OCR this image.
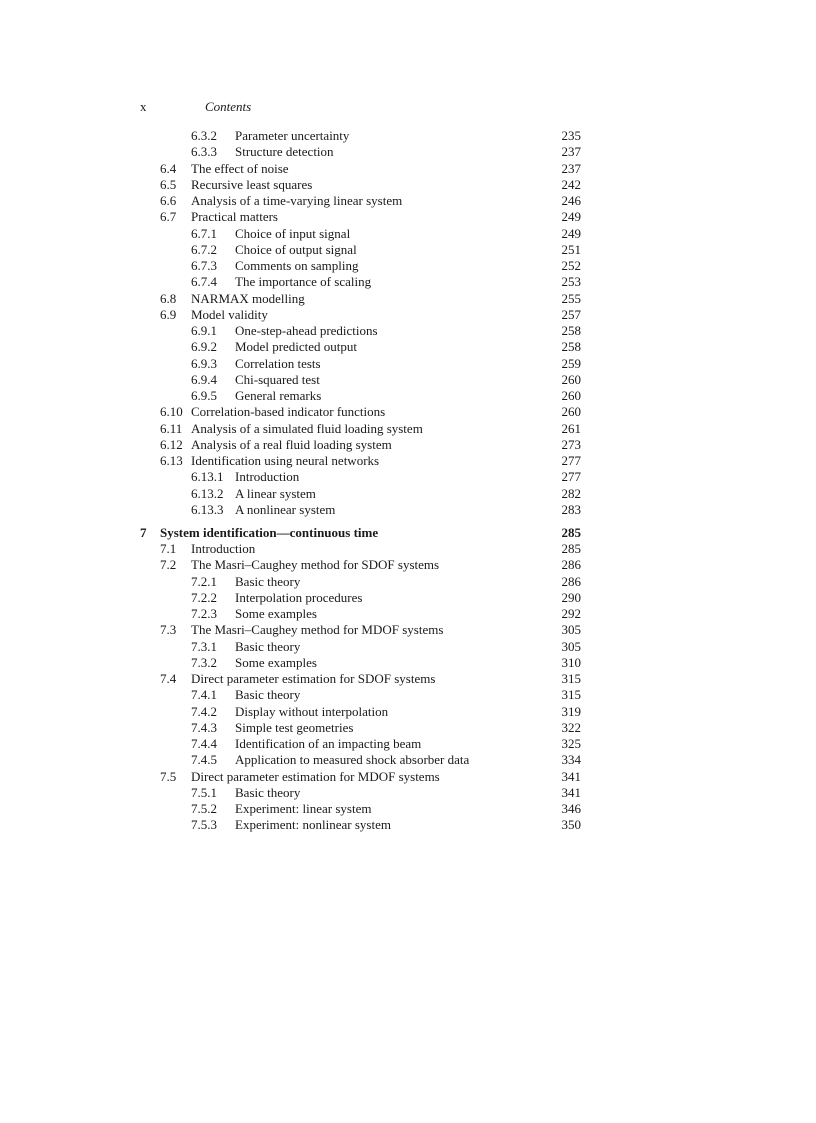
x	Contents
6.3.2 Parameter uncertainty	235
6.3.3 Structure detection	237
6.4 The effect of noise	237
6.5 Recursive least squares	242
6.6 Analysis of a time-varying linear system	246
6.7 Practical matters	249
6.7.1 Choice of input signal	249
6.7.2 Choice of output signal	251
6.7.3 Comments on sampling	252
6.7.4 The importance of scaling	253
6.8 NARMAX modelling	255
6.9 Model validity	257
6.9.1 One-step-ahead predictions	258
6.9.2 Model predicted output	258
6.9.3 Correlation tests	259
6.9.4 Chi-squared test	260
6.9.5 General remarks	260
6.10 Correlation-based indicator functions	260
6.11 Analysis of a simulated fluid loading system	261
6.12 Analysis of a real fluid loading system	273
6.13 Identification using neural networks	277
6.13.1 Introduction	277
6.13.2 A linear system	282
6.13.3 A nonlinear system	283
7 System identification—continuous time	285
7.1 Introduction	285
7.2 The Masri–Caughey method for SDOF systems	286
7.2.1 Basic theory	286
7.2.2 Interpolation procedures	290
7.2.3 Some examples	292
7.3 The Masri–Caughey method for MDOF systems	305
7.3.1 Basic theory	305
7.3.2 Some examples	310
7.4 Direct parameter estimation for SDOF systems	315
7.4.1 Basic theory	315
7.4.2 Display without interpolation	319
7.4.3 Simple test geometries	322
7.4.4 Identification of an impacting beam	325
7.4.5 Application to measured shock absorber data	334
7.5 Direct parameter estimation for MDOF systems	341
7.5.1 Basic theory	341
7.5.2 Experiment: linear system	346
7.5.3 Experiment: nonlinear system	350
